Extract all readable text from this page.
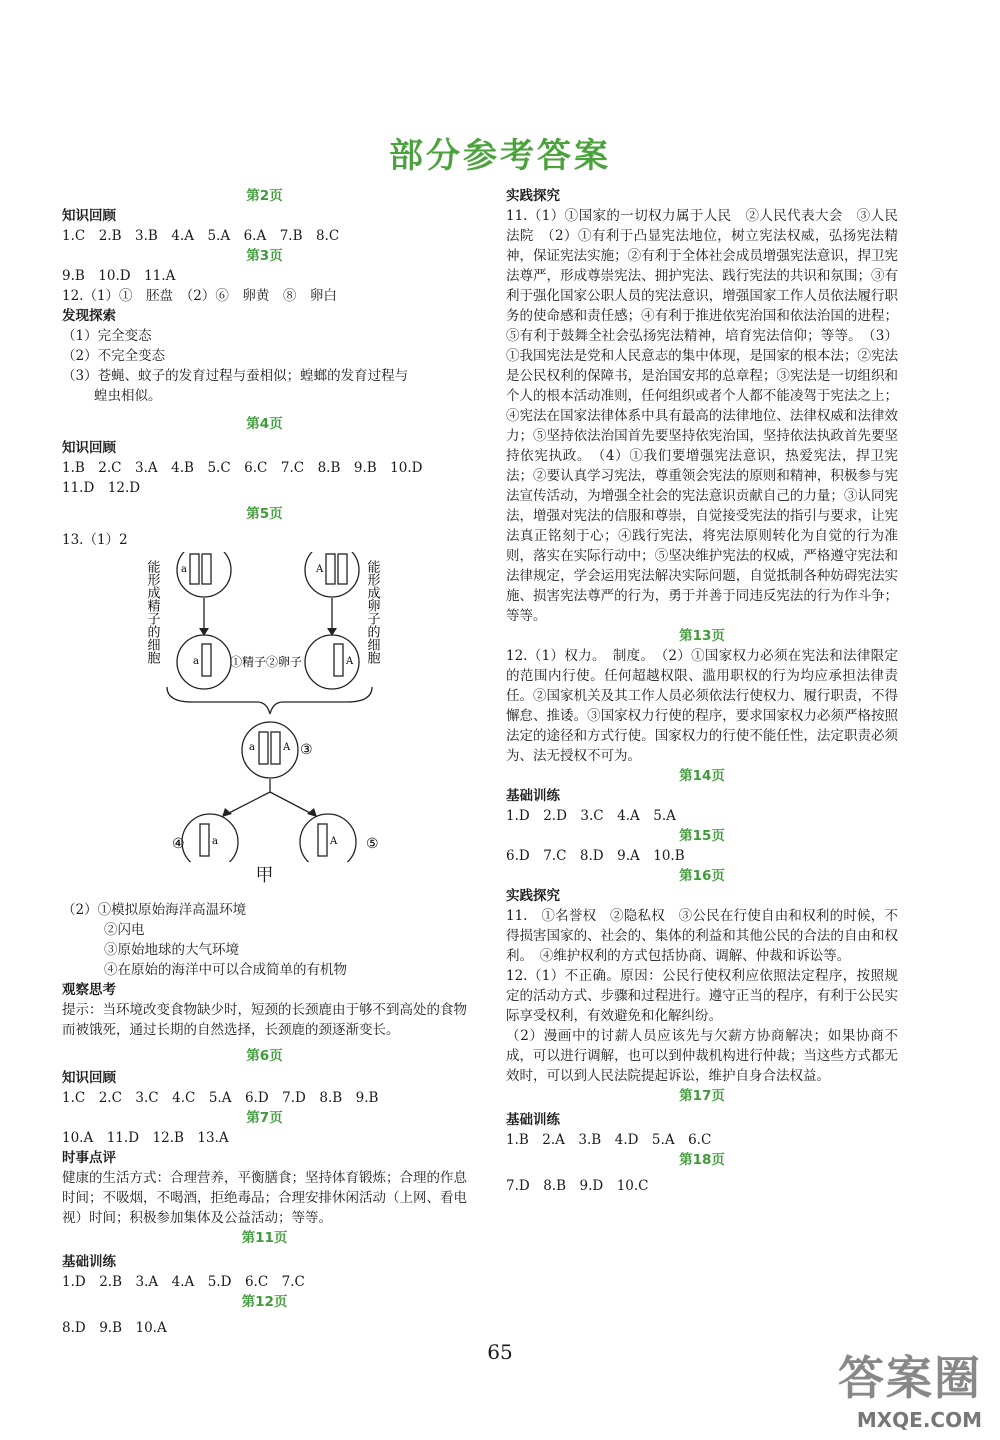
部分参考答案
第2页
知识回顾
1.C　2.B　3.B　4.A　5.A　6.A　7.B　8.C
第3页
9.B　10.D　11.A
12.（1）①　胚盘　（2）⑥　卵黄　⑧　卵白
发现探索
（1）完全变态
（2）不完全变态
（3）苍蝇、蚊子的发育过程与蚕相似；蝗螂的发育过程与
蝗虫相似。
第4页
知识回顾
1.B　2.C　3.A　4.B　5.C　6.C　7.C　8.B　9.B　10.D
11.D　12.D
第5页
13.（1）2
a	A
a	A
a	A
a	A
①精子②卵子
③
④	⑤
能形成精子的细胞	能形成卵子的细胞
甲
（2）①模拟原始海洋高温环境
②闪电
③原始地球的大气环境
④在原始的海洋中可以合成简单的有机物
观察思考
提示：当环境改变食物缺少时，短颈的长颈鹿由于够不到高处的食物而被饿死，通过长期的自然选择，长颈鹿的颈逐渐变长。
第6页
知识回顾
1.C　2.C　3.C　4.C　5.A　6.D　7.D　8.B　9.B
第7页
10.A　11.D　12.B　13.A
时事点评
健康的生活方式：合理营养，平衡膳食；坚持体育锻炼；合理的作息时间；不吸烟，不喝酒，拒绝毒品；合理安排休闲活动（上网、看电视）时间；积极参加集体及公益活动；等等。
第11页
基础训练
1.D　2.B　3.A　4.A　5.D　6.C　7.C
第12页
8.D　9.B　10.A
实践探究
11.（1）①国家的一切权力属于人民　②人民代表大会　③人民法院　（2）①有利于凸显宪法地位，树立宪法权威，弘扬宪法精神，保证宪法实施；②有利于全体社会成员增强宪法意识，捍卫宪法尊严，形成尊崇宪法、拥护宪法、践行宪法的共识和氛围；③有利于强化国家公职人员的宪法意识，增强国家工作人员依法履行职务的使命感和责任感；④有利于推进依宪治国和依法治国的进程；⑤有利于鼓舞全社会弘扬宪法精神，培育宪法信仰；等等。　（3）①我国宪法是党和人民意志的集中体现，是国家的根本法；②宪法是公民权利的保障书，是治国安邦的总章程；③宪法是一切组织和个人的根本活动准则，任何组织或者个人都不能凌驾于宪法之上；④宪法在国家法律体系中具有最高的法律地位、法律权威和法律效力；⑤坚持依法治国首先要坚持依宪治国，坚持依法执政首先要坚持依宪执政。　（4）①我们要增强宪法意识，热爱宪法，捍卫宪法；②要认真学习宪法，尊重领会宪法的原则和精神，积极参与宪法宣传活动，为增强全社会的宪法意识贡献自己的力量；③认同宪法，增强对宪法的信服和尊崇，自觉接受宪法的指引与要求，让宪法真正铭刻于心；④践行宪法，将宪法原则转化为自觉的行为准则，落实在实际行动中；⑤坚决维护宪法的权威，严格遵守宪法和法律规定，学会运用宪法解决实际问题，自觉抵制各种妨碍宪法实施、损害宪法尊严的行为，勇于并善于同违反宪法的行为作斗争；等等。
第13页
12.（1）权力。　制度。　（2）①国家权力必须在宪法和法律限定的范围内行使。任何超越权限、滥用职权的行为均应承担法律责任。②国家机关及其工作人员必须依法行使权力、履行职责，不得懈怠、推诿。③国家权力行使的程序，要求国家权力必须严格按照法定的途径和方式行使。国家权力的行使不能任性，法定职责必须为、法无授权不可为。
第14页
基础训练
1.D　2.D　3.C　4.A　5.A
第15页
6.D　7.C　8.D　9.A　10.B
第16页
实践探究
11.　①名誉权　②隐私权　③公民在行使自由和权利的时候，不得损害国家的、社会的、集体的利益和其他公民的合法的自由和权利。　④维护权利的方式包括协商、调解、仲裁和诉讼等。
12.（1）不正确。原因：公民行使权利应依照法定程序，按照规定的活动方式、步骤和过程进行。遵守正当的程序，有利于公民实际享受权利，有效避免和化解纠纷。
（2）漫画中的讨薪人员应该先与欠薪方协商解决；如果协商不成，可以进行调解，也可以到仲裁机构进行仲裁；当这些方式都无效时，可以到人民法院提起诉讼，维护自身合法权益。
第17页
基础训练
1.B　2.A　3.B　4.D　5.A　6.C
第18页
7.D　8.B　9.D　10.C
65	答案圈
MXQE.COM
